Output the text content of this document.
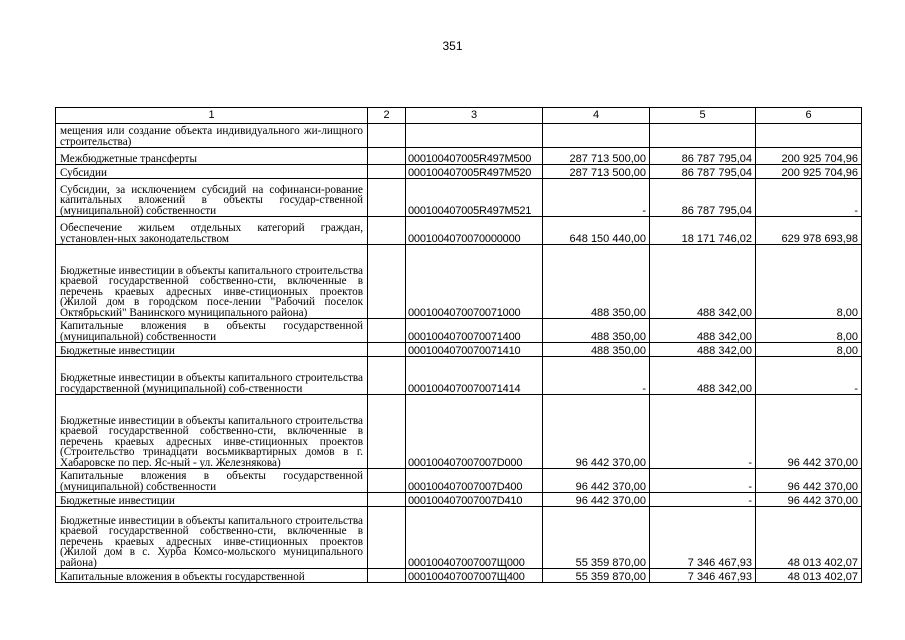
351
1	2	3	4	5	6
мещения или создание объекта индивидуального жи-лищного строительства)					
Межбюджетные трансферты		000100407005R497M500	287 713 500,00	86 787 795,04	200 925 704,96
Субсидии		000100407005R497M520	287 713 500,00	86 787 795,04	200 925 704,96
Субсидии, за исключением субсидий на софинанси-рование капитальных вложений в объекты государ-ственной (муниципальной) собственности		000100407005R497M521	-	86 787 795,04	-
Обеспечение жильем отдельных категорий граждан, установлен-ных законодательством		0001004070070000000	648 150 440,00	18 171 746,02	629 978 693,98
Бюджетные инвестиции в объекты капитального строительства краевой государственной собственно-сти, включенные в перечень краевых адресных инве-стиционных проектов (Жилой дом в городском посе-лении "Рабочий поселок Октябрьский" Ванинского муниципального района)		0001004070070071000	488 350,00	488 342,00	8,00
Капитальные вложения в объекты государственной (муниципальной) собственности		0001004070070071400	488 350,00	488 342,00	8,00
Бюджетные инвестиции		0001004070070071410	488 350,00	488 342,00	8,00
Бюджетные инвестиции в объекты капитального строительства государственной (муниципальной) соб-ственности		0001004070070071414	-	488 342,00	-
Бюджетные инвестиции в объекты капитального строительства краевой государственной собственно-сти, включенные в перечень краевых адресных инве-стиционных проектов (Строительство тринадцати восьмиквартирных домов в г. Хабаровске по пер. Яс-ный - ул. Железнякова)		000100407007007D000	96 442 370,00	-	96 442 370,00
Капитальные вложения в объекты государственной (муниципальной) собственности		000100407007007D400	96 442 370,00	-	96 442 370,00
Бюджетные инвестиции		000100407007007D410	96 442 370,00	-	96 442 370,00
Бюджетные инвестиции в объекты капитального строительства краевой государственной собственно-сти, включенные в перечень краевых адресных инве-стиционных проектов (Жилой дом в с. Хурба Комсо-мольского муниципального района)		000100407007007Щ000	55 359 870,00	7 346 467,93	48 013 402,07
Капитальные вложения в объекты государственной		000100407007007Щ400	55 359 870,00	7 346 467,93	48 013 402,07
